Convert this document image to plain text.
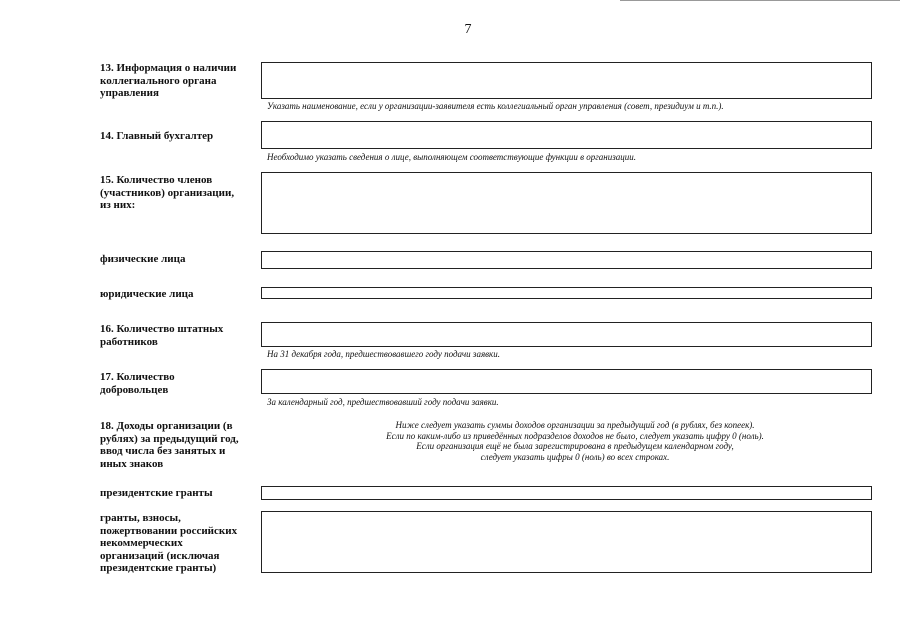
7
13. Информация о наличии
коллегиального органа
управления
Указать наименование, если у организации-заявителя есть коллегиальный орган управления (совет, президиум и т.п.).
14. Главный бухгалтер
Необходимо указать сведения о лице, выполняющем соответствующие функции в организации.
15. Количество членов
(участников) организации,
из них:
физические лица
юридические лица
16. Количество штатных
работников
На 31 декабря года, предшествовавшего году подачи заявки.
17. Количество
добровольцев
За календарный год, предшествовавший году подачи заявки.
18. Доходы организации (в
рублях) за предыдущий год,
ввод числа без занятых и
иных знаков
Ниже следует указать суммы доходов организации за предыдущий год (в рублях, без копеек).
Если по каким-либо из приведённых подразделов доходов не было, следует указать цифру 0 (ноль).
Если организация ещё не была зарегистрирована в предыдущем календарном году,
следует указать цифры 0 (ноль) во всех строках.
президентские гранты
гранты, взносы,
пожертвовании российских
некоммерческих
организаций (исключая
президентские гранты)
